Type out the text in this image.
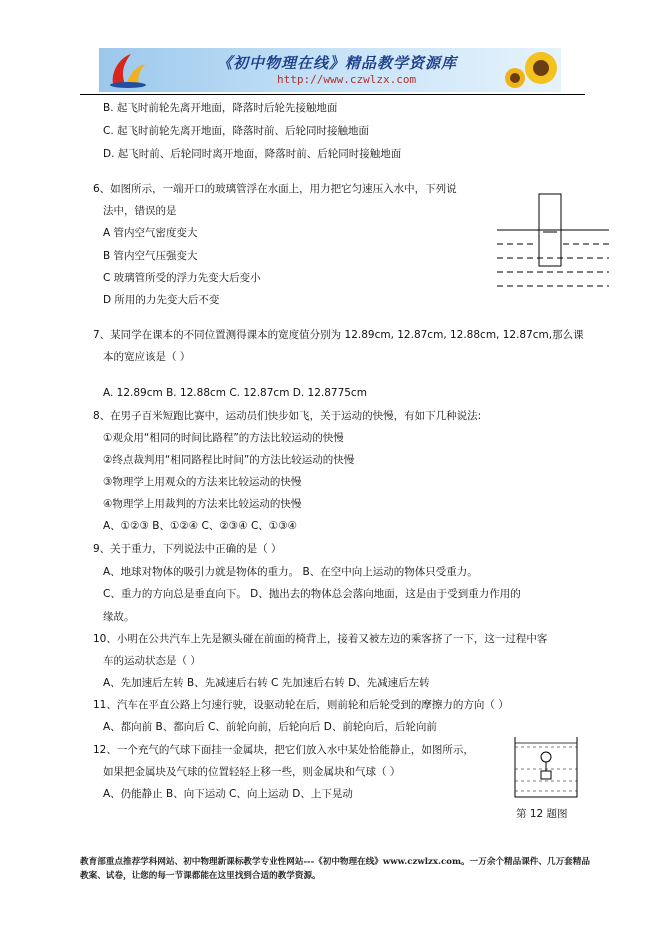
《初中物理在线》精品教学资源库
http://www.czwlzx.com
B. 起飞时前轮先离开地面，降落时后轮先接触地面
C. 起飞时前轮先离开地面，降落时前、后轮同时接触地面
D. 起飞时前、后轮同时离开地面，降落时前、后轮同时接触地面
6、如图所示，一端开口的玻璃管浮在水面上，用力把它匀速压入水中，下列说
法中，错误的是
A 管内空气密度变大
B 管内空气压强变大
C 玻璃管所受的浮力先变大后变小
D 所用的力先变大后不变
7、某同学在课本的不同位置测得课本的宽度值分别为 12.89cm, 12.87cm, 12.88cm, 12.87cm,那么课
本的宽应该是（ ）
A. 12.89cm B. 12.88cm C. 12.87cm D. 12.8775cm
8、在男子百米短跑比赛中，运动员们快步如飞，关于运动的快慢，有如下几种说法:
①观众用“相同的时间比路程”的方法比较运动的快慢
②终点裁判用“相同路程比时间”的方法比较运动的快慢
③物理学上用观众的方法来比较运动的快慢
④物理学上用裁判的方法来比较运动的快慢
A、①②③ B、①②④ C、②③④ C、①③④
9、关于重力，下列说法中正确的是（ ）
A、地球对物体的吸引力就是物体的重力。 B、在空中向上运动的物体只受重力。
C、重力的方向总是垂直向下。 D、抛出去的物体总会落向地面，这是由于受到重力作用的
缘故。
10、小明在公共汽车上先是额头碰在前面的椅背上，接着又被左边的乘客挤了一下，这一过程中客
车的运动状态是（ ）
A、先加速后左转 B、先减速后右转 C 先加速后右转 D、先减速后左转
11、汽车在平直公路上匀速行驶，设驱动轮在后，则前轮和后轮受到的摩擦力的方向（ ）
A、都向前 B、都向后 C、前轮向前，后轮向后 D、前轮向后，后轮向前
12、一个充气的气球下面挂一金属块，把它们放入水中某处恰能静止，如图所示，
如果把金属块及气球的位置轻轻上移一些，则金属块和气球（ ）
A、仍能静止 B、向下运动 C、向上运动 D、上下晃动
第 12 题图
教育部重点推荐学科网站、初中物理新课标教学专业性网站---《初中物理在线》www.czwlzx.com。一万余个精品课件、几万套精品教案、试卷，让您的每一节课都能在这里找到合适的教学资源。
